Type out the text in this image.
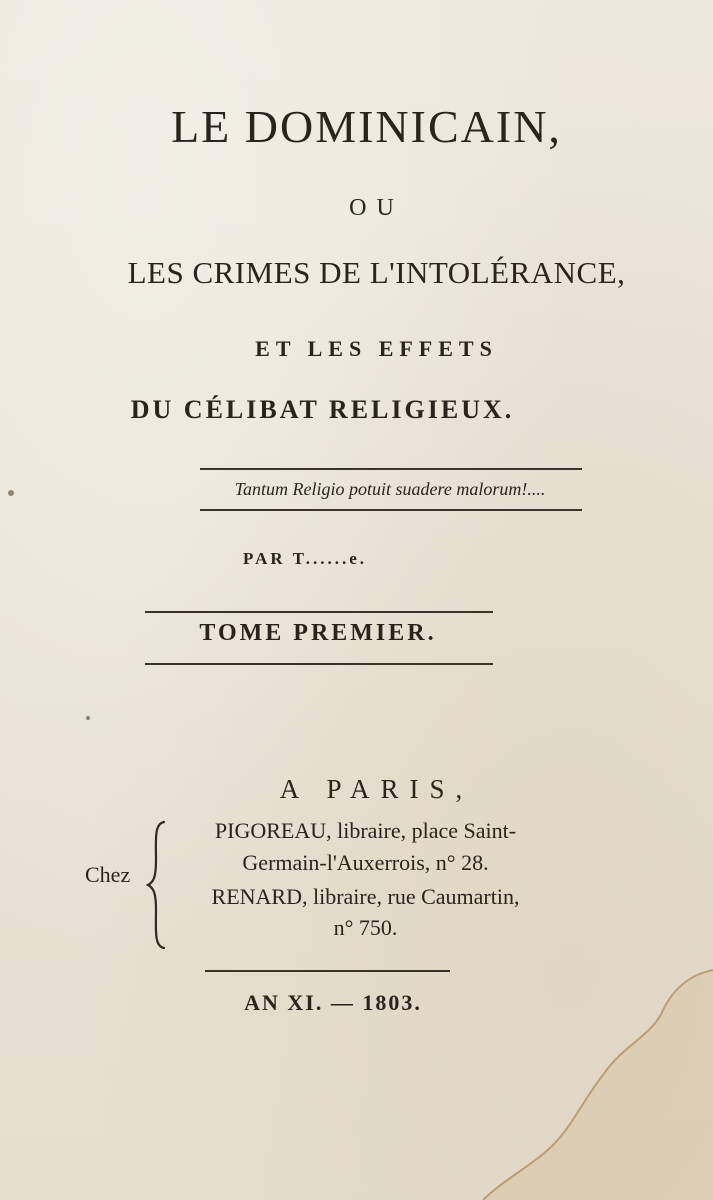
LE DOMINICAIN,
OU
LES CRIMES DE L'INTOLÉRANCE,
ET LES EFFETS
DU CÉLIBAT RELIGIEUX.
Tantum Religio potuit suadere malorum!....
PAR T......e.
TOME PREMIER.
A PARIS,
Chez
PIGOREAU, libraire, place Saint-
Germain-l'Auxerrois, n° 28.
RENARD, libraire, rue Caumartin,
n° 750.
AN XI. — 1803.
